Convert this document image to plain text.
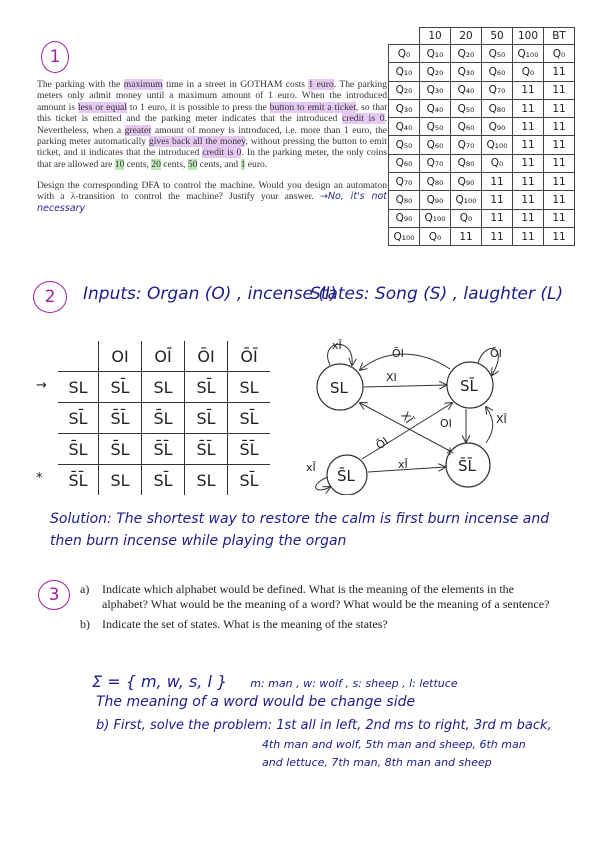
1
The parking with the maximum time in a street in GOTHAM costs 1 euro. The parking meters only admit money until a maximum amount of 1 euro. When the introduced amount is less or equal to 1 euro, it is possible to press the button to emit a ticket, so that this ticket is emitted and the parking meter indicates that the introduced credit is 0. Nevertheless, when a greater amount of money is introduced, i.e. more than 1 euro, the parking meter automatically gives back all the money, without pressing the button to emit ticket, and it indicates that the introduced credit is 0. In the parking meter, the only coins that are allowed are 10 cents, 20 cents, 50 cents, and 1 euro.
Design the corresponding DFA to control the machine. Would you design an automaton with a λ-transition to control the machine? Justify your answer. →No, it's not necessary
	10	20	50	100	BT
Q₀	Q₁₀	Q₂₀	Q₅₀	Q₁₀₀	Q₀
Q₁₀	Q₂₀	Q₃₀	Q₆₀	Q₀	11
Q₂₀	Q₃₀	Q₄₀	Q₇₀	11	11
Q₃₀	Q₄₀	Q₅₀	Q₈₀	11	11
Q₄₀	Q₅₀	Q₆₀	Q₉₀	11	11
Q₅₀	Q₆₀	Q₇₀	Q₁₀₀	11	11
Q₆₀	Q₇₀	Q₈₀	Q₀	11	11
Q₇₀	Q₈₀	Q₉₀	11	11	11
Q₈₀	Q₉₀	Q₁₀₀	11	11	11
Q₉₀	Q₁₀₀	Q₀	11	11	11
Q₁₀₀	Q₀	11	11	11	11
2	Inputs: Organ (O) , incense (I)
States: Song (S) , laughter (L)
	OI	OĪ	ŌI	ŌĪ

→ SL	SL̄	SL	SL̄	SL

SL̄	S̄L̄	S̄L	SL̄	SL̄

S̄L	S̄L	S̄L̄	S̄L̄	S̄L̄

* S̄L̄	SL	SL̄	SL	SL̄
SL	SL̄
S̄L
S̄L̄
*
xĪ
ŌI	ŌI
XI
XĪ
OI
XĪ
ŌI
xĪ
xĪ
Solution: The shortest way to restore the calm is first burn incense and then burn incense while playing the organ
3	a)	Indicate which alphabet would be defined. What is the meaning of the elements in the alphabet? What would be the meaning of a word? What would be the meaning of a sentence?
b)	Indicate the set of states. What is the meaning of the states?
Σ = { m, w, s, l } m: man , w: wolf , s: sheep , l: lettuce
The meaning of a word would be change side
b) First, solve the problem: 1st all in left, 2nd ms to right, 3rd m back,
4th man and wolf, 5th man and sheep, 6th man
and lettuce, 7th man, 8th man and sheep
